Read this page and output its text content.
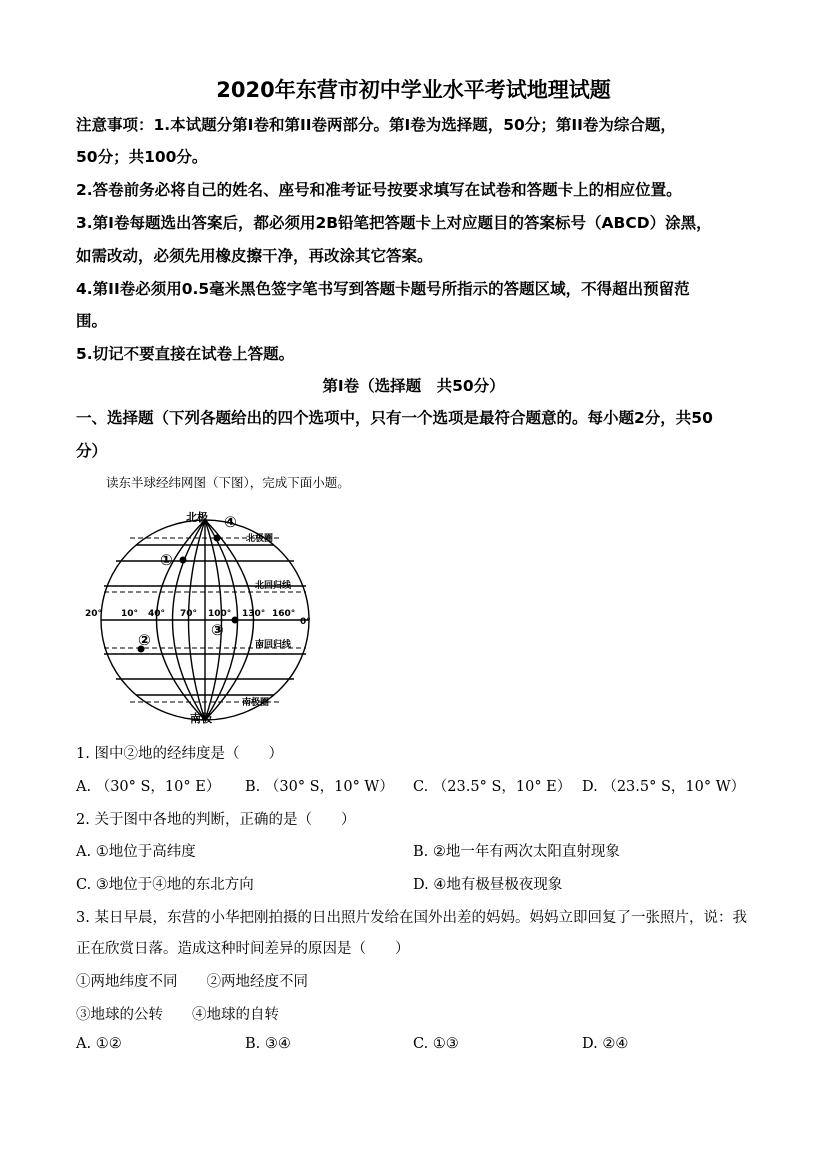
2020年东营市初中学业水平考试地理试题
注意事项：1.本试题分第Ⅰ卷和第II卷两部分。第Ⅰ卷为选择题，50分；第II卷为综合题，
50分；共100分。
2.答卷前务必将自己的姓名、座号和准考证号按要求填写在试卷和答题卡上的相应位置。
3.第Ⅰ卷每题选出答案后，都必须用2B铅笔把答题卡上对应题目的答案标号（ABCD）涂黑，
如需改动，必须先用橡皮擦干净，再改涂其它答案。
4.第II卷必须用0.5毫米黑色签字笔书写到答题卡题号所指示的答题区域，不得超出预留范
围。
5.切记不要直接在试卷上答题。
第Ⅰ卷（选择题　共50分）
一、选择题（下列各题给出的四个选项中，只有一个选项是最符合题意的。每小题2分，共50
分）
读东半球经纬网图（下图），完成下面小题。
北极
南极
北极圈
北回归线
南回归线
南极圈
20° 10° 40° 70° 100° 130° 160°
0°
①
②
③
④
1. 图中②地的经纬度是（　　）
A. （30° S，10° E） B. （30° S，10° W） C. （23.5° S，10° E） D. （23.5° S，10° W）
2. 关于图中各地的判断，正确的是（　　）
A. ①地位于高纬度	B. ②地一年有两次太阳直射现象
C. ③地位于④地的东北方向	D. ④地有极昼极夜现象
3. 某日早晨，东营的小华把刚拍摄的日出照片发给在国外出差的妈妈。妈妈立即回复了一张照片，说：我
正在欣赏日落。造成这种时间差异的原因是（　　）
①两地纬度不同　　②两地经度不同
③地球的公转　　④地球的自转
A. ①②	B. ③④	C. ①③	D. ②④
